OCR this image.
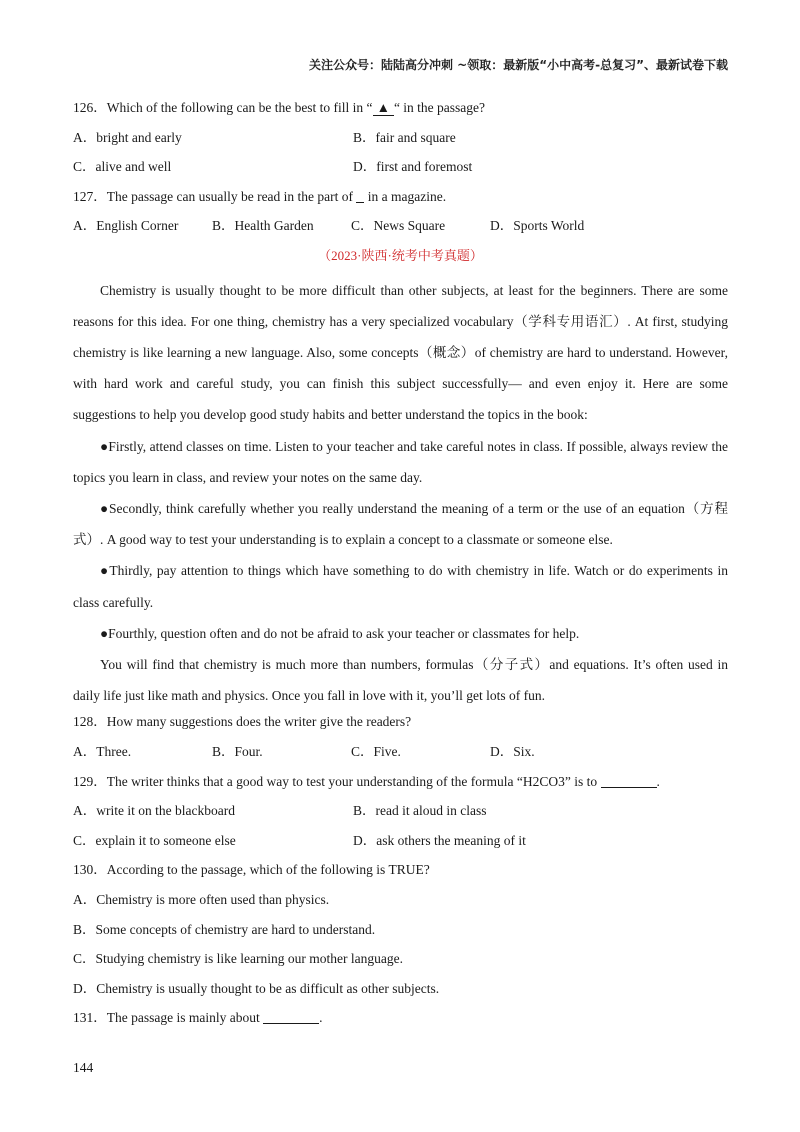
关注公众号：陆陆高分冲刺 ~领取：最新版“小中高考-总复习”、最新试卷下载
126．Which of the following can be the best to fill in “ ▲ “ in the passage?
A．bright and early	B．fair and square
C．alive and well	D．first and foremost
127．The passage can usually be read in the part of in a magazine.
A．English Corner	B．Health Garden	C．News Square	D．Sports World
（2023·陕西·统考中考真题）

Chemistry is usually thought to be more difficult than other subjects, at least for the beginners. There are some reasons for this idea. For one thing, chemistry has a very specialized vocabulary（学科专用语汇）. At first, studying chemistry is like learning a new language. Also, some concepts（概念）of chemistry are hard to understand. However, with hard work and careful study, you can finish this subject successfully— and even enjoy it. Here are some suggestions to help you develop good study habits and better understand the topics in the book:

●Firstly, attend classes on time. Listen to your teacher and take careful notes in class. If possible, always review the topics you learn in class, and review your notes on the same day.

●Secondly, think carefully whether you really understand the meaning of a term or the use of an equation（方程式）. A good way to test your understanding is to explain a concept to a classmate or someone else.

●Thirdly, pay attention to things which have something to do with chemistry in life. Watch or do experiments in class carefully.

●Fourthly, question often and do not be afraid to ask your teacher or classmates for help.

You will find that chemistry is much more than numbers, formulas（分子式）and equations. It’s often used in daily life just like math and physics. Once you fall in love with it, you’ll get lots of fun.

128．How many suggestions does the writer give the readers?
A．Three.	B．Four.	C．Five.	D．Six.
129．The writer thinks that a good way to test your understanding of the formula “H2CO3” is to	.
A．write it on the blackboard	B．read it aloud in class
C．explain it to someone else	D．ask others the meaning of it
130．According to the passage, which of the following is TRUE?
A．Chemistry is more often used than physics.
B．Some concepts of chemistry are hard to understand.
C．Studying chemistry is like learning our mother language.
D．Chemistry is usually thought to be as difficult as other subjects.
131．The passage is mainly about	.
144
